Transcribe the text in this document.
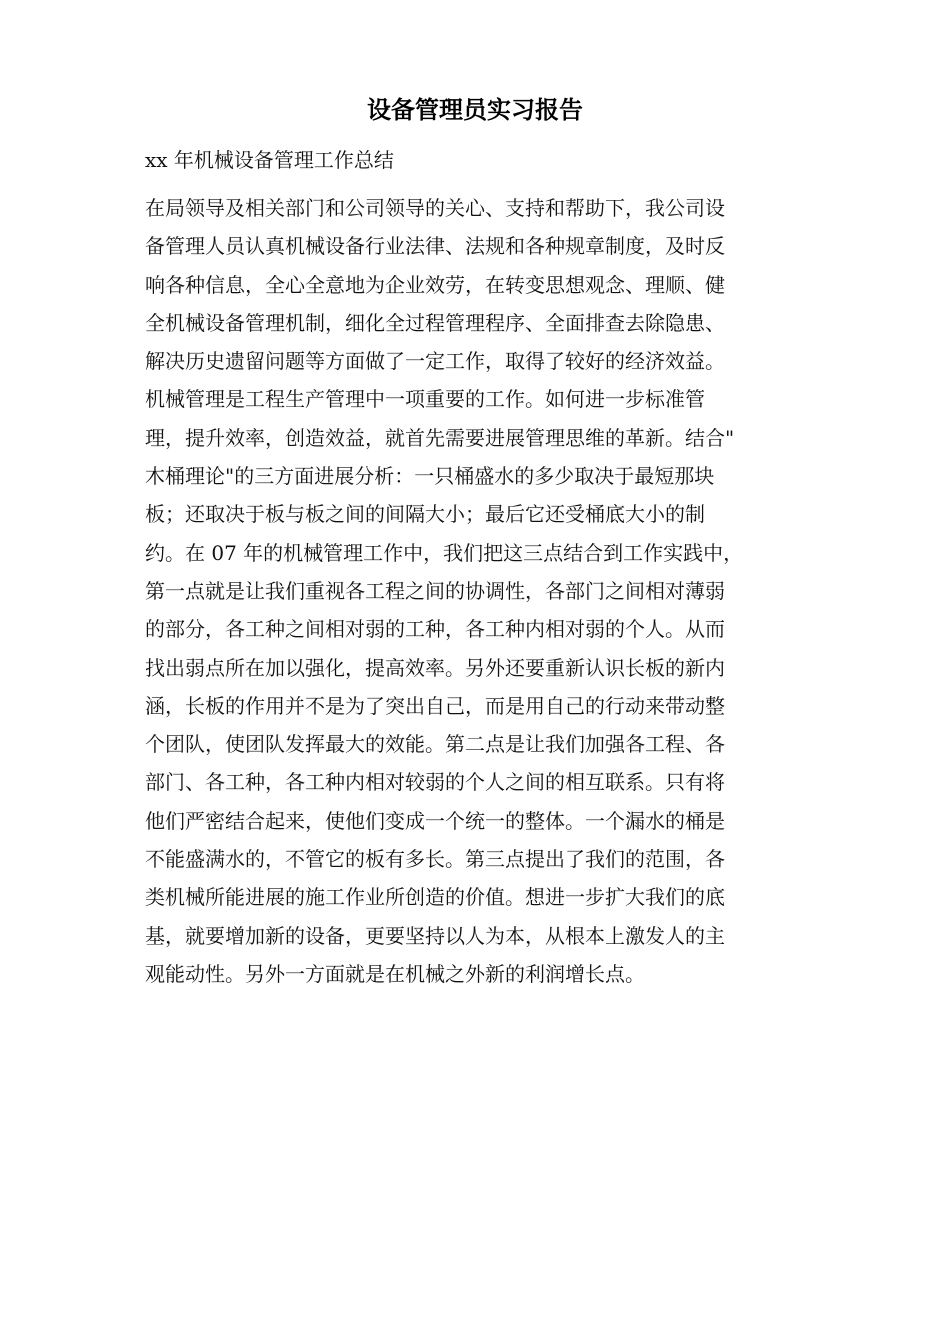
设备管理员实习报告

xx 年机械设备管理工作总结

在局领导及相关部门和公司领导的关心、支持和帮助下，我公司设
备管理人员认真机械设备行业法律、法规和各种规章制度，及时反
响各种信息，全心全意地为企业效劳，在转变思想观念、理顺、健
全机械设备管理机制，细化全过程管理程序、全面排查去除隐患、
解决历史遗留问题等方面做了一定工作，取得了较好的经济效益。
机械管理是工程生产管理中一项重要的工作。如何进一步标准管
理，提升效率，创造效益，就首先需要进展管理思维的革新。结合"
木桶理论"的三方面进展分析：一只桶盛水的多少取决于最短那块
板；还取决于板与板之间的间隔大小；最后它还受桶底大小的制
约。在 07 年的机械管理工作中，我们把这三点结合到工作实践中，
第一点就是让我们重视各工程之间的协调性，各部门之间相对薄弱
的部分，各工种之间相对弱的工种，各工种内相对弱的个人。从而
找出弱点所在加以强化，提高效率。另外还要重新认识长板的新内
涵，长板的作用并不是为了突出自己，而是用自己的行动来带动整
个团队，使团队发挥最大的效能。第二点是让我们加强各工程、各
部门、各工种，各工种内相对较弱的个人之间的相互联系。只有将
他们严密结合起来，使他们变成一个统一的整体。一个漏水的桶是
不能盛满水的，不管它的板有多长。第三点提出了我们的范围，各
类机械所能进展的施工作业所创造的价值。想进一步扩大我们的底
基，就要增加新的设备，更要坚持以人为本，从根本上激发人的主
观能动性。另外一方面就是在机械之外新的利润增长点。
